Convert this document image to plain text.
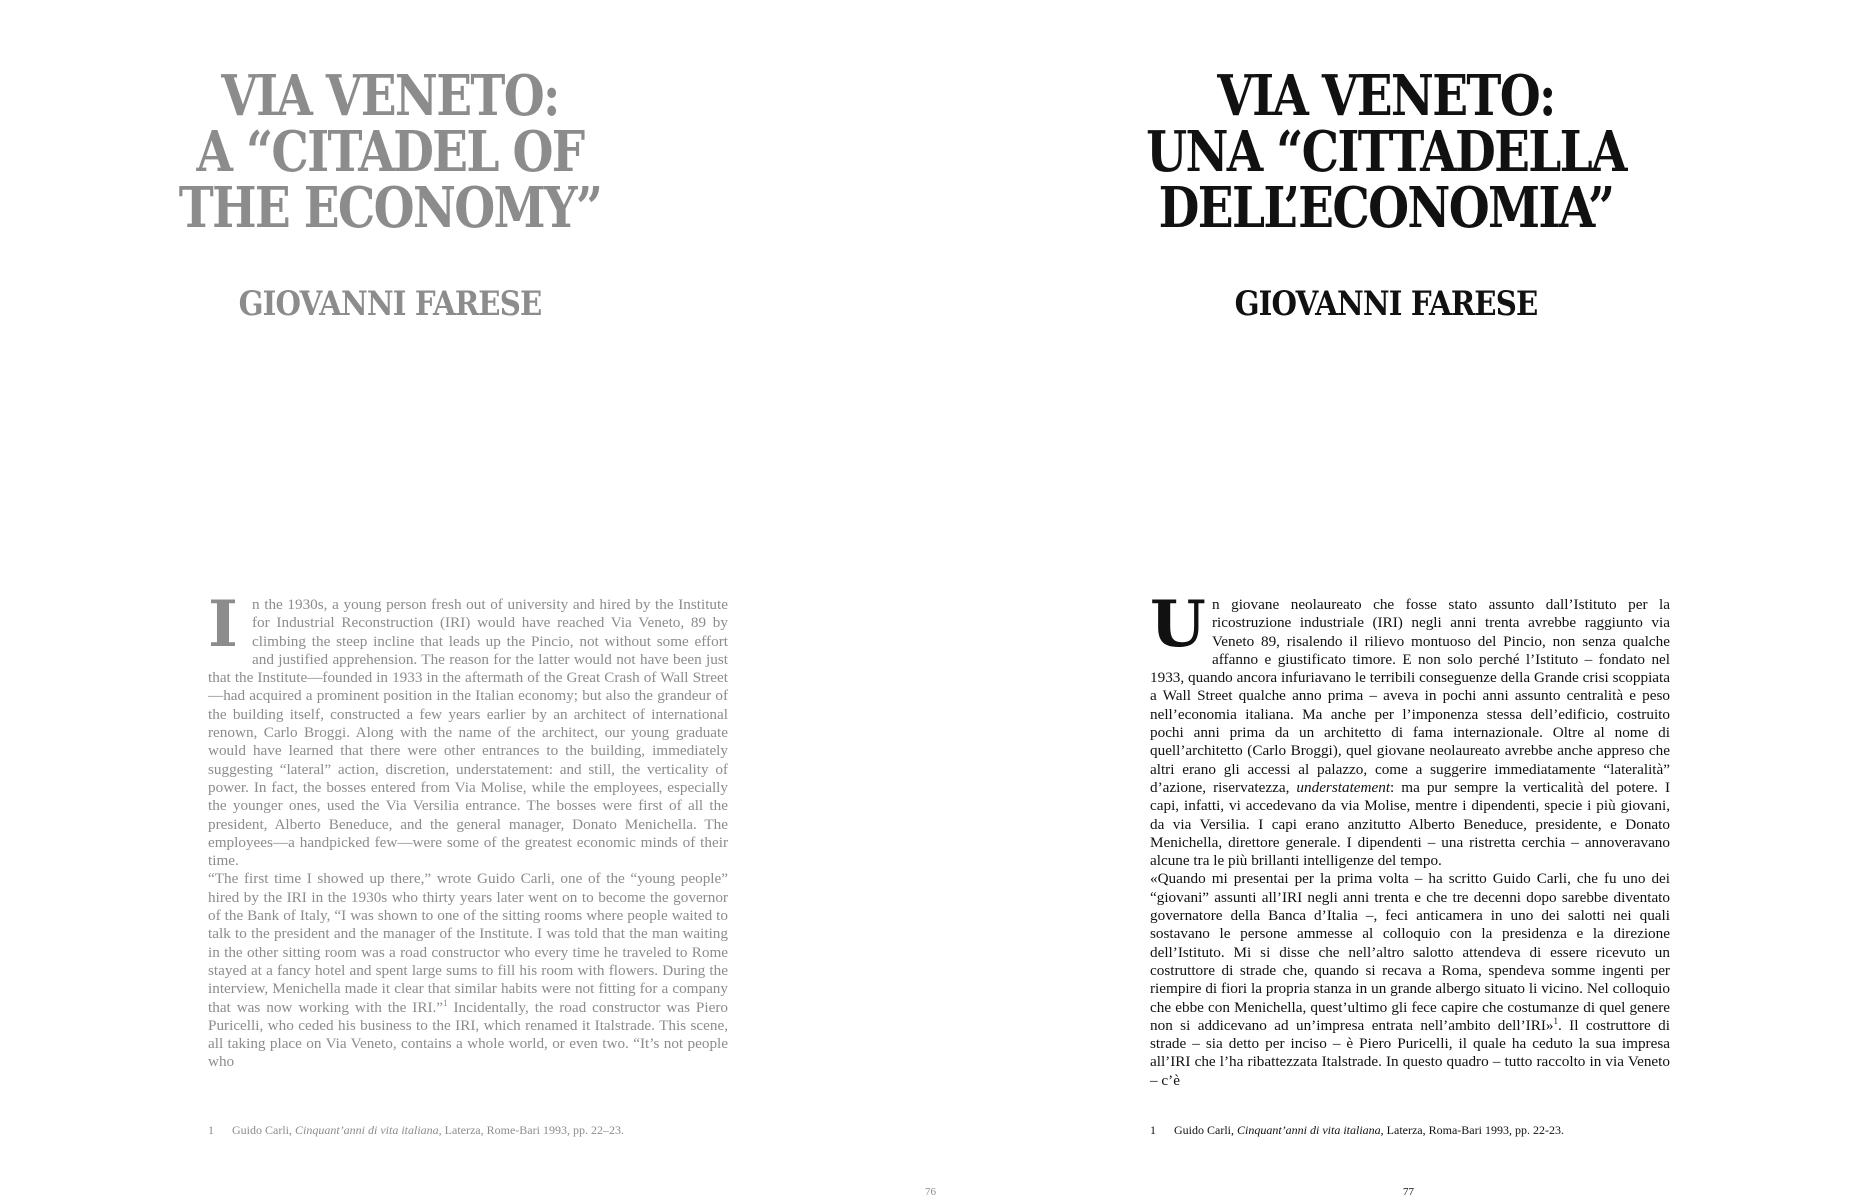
VIA VENETO:
A “CITADEL OF
THE ECONOMY”
GIOVANNI FARESE
I n the 1930s, a young person fresh out of university and hired by the Institute for Industrial Reconstruction (IRI) would have reached Via Veneto, 89 by climbing the steep incline that leads up the Pincio, not without some effort and justified apprehension. The reason for the latter would not have been just that the Institute—founded in 1933 in the aftermath of the Great Crash of Wall Street—had acquired a prominent position in the Italian economy; but also the grandeur of the building itself, constructed a few years earlier by an architect of international renown, Carlo Broggi. Along with the name of the architect, our young graduate would have learned that there were other entrances to the building, immediately suggesting “lateral” action, discretion, understatement: and still, the verticality of power. In fact, the bosses entered from Via Molise, while the employees, especially the younger ones, used the Via Versilia entrance. The bosses were first of all the president, Alberto Beneduce, and the general manager, Donato Menichella. The employees—a handpicked few—were some of the greatest economic minds of their time.

“The first time I showed up there,” wrote Guido Carli, one of the “young people” hired by the IRI in the 1930s who thirty years later went on to become the governor of the Bank of Italy, “I was shown to one of the sitting rooms where people waited to talk to the president and the manager of the Institute. I was told that the man waiting in the other sitting room was a road constructor who every time he traveled to Rome stayed at a fancy hotel and spent large sums to fill his room with flowers. During the interview, Menichella made it clear that similar habits were not fitting for a company that was now working with the IRI.”$^1$ Incidentally, the road constructor was Piero Puricelli, who ceded his business to the IRI, which renamed it Italstrade. This scene, all taking place on Via Veneto, contains a whole world, or even two. “It’s not people who

1 Guido Carli, Cinquant’anni di vita italiana, Laterza, Rome-Bari 1993, pp. 22–23.
76
VIA VENETO:
UNA “CITTADELLA
DELL’ECONOMIA”
GIOVANNI FARESE
U n giovane neolaureato che fosse stato assunto dall’Istituto per la ricostruzione industriale (IRI) negli anni trenta avrebbe raggiunto via Veneto 89, risalendo il rilievo montuoso del Pincio, non senza qualche affanno e giustificato timore. E non solo perché l’Istituto – fondato nel 1933, quando ancora infuriavano le terribili conseguenze della Grande crisi scoppiata a Wall Street qualche anno prima – aveva in pochi anni assunto centralità e peso nell’economia italiana. Ma anche per l’imponenza stessa dell’edificio, costruito pochi anni prima da un architetto di fama internazionale. Oltre al nome di quell’architetto (Carlo Broggi), quel giovane neolaureato avrebbe anche appreso che altri erano gli accessi al palazzo, come a suggerire immediatamente “lateralità” d’azione, riservatezza, understatement: ma pur sempre la verticalità del potere. I capi, infatti, vi accedevano da via Molise, mentre i dipendenti, specie i più giovani, da via Versilia. I capi erano anzitutto Alberto Beneduce, presidente, e Donato Menichella, direttore generale. I dipendenti – una ristretta cerchia – annoveravano alcune tra le più brillanti intelligenze del tempo.

«Quando mi presentai per la prima volta – ha scritto Guido Carli, che fu uno dei “giovani” assunti all’IRI negli anni trenta e che tre decenni dopo sarebbe diventato governatore della Banca d’Italia –, feci anticamera in uno dei salotti nei quali sostavano le persone ammesse al colloquio con la presidenza e la direzione dell’Istituto. Mi si disse che nell’altro salotto attendeva di essere ricevuto un costruttore di strade che, quando si recava a Roma, spendeva somme ingenti per riempire di fiori la propria stanza in un grande albergo situato li vicino. Nel colloquio che ebbe con Menichella, quest’ultimo gli fece capire che costumanze di quel genere non si addicevano ad un’impresa entrata nell’ambito dell’IRI»$^1$. Il costruttore di strade – sia detto per inciso – è Piero Puricelli, il quale ha ceduto la sua impresa all’IRI che l’ha ribattezzata Italstrade. In questo quadro – tutto raccolto in via Veneto – c’è

1 Guido Carli, Cinquant’anni di vita italiana, Laterza, Roma-Bari 1993, pp. 22-23.
77
